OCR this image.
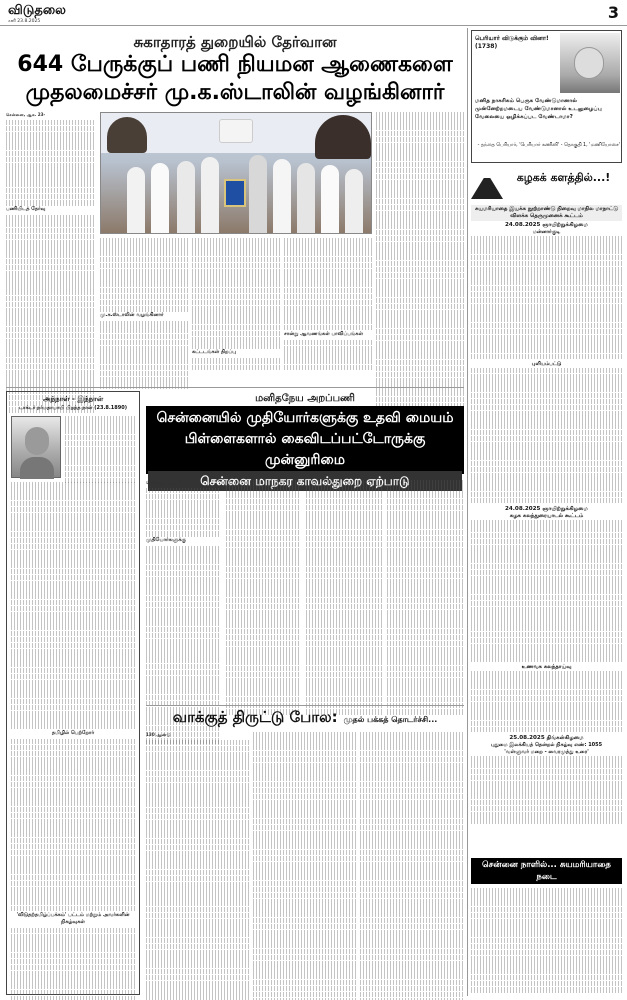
விடுதலை
சனி 23.8.2025	3
சுகாதாரத் துறையில் தேர்வான
644 பேருக்குப் பணி நியமன ஆணைகளை
முதலமைச்சர் மு.க.ஸ்டாலின் வழங்கினார்

சென்னை, ஆக. 23-

பணியிடத் தேர்வு

மு.க.ஸ்டாலின் வழங்கினார்

கட்டடங்கள் திறப்பு

சான்று ஆவணங்கள் பாவிப்பங்கள்

அந்நாள் - இந்நாள்
டாக்டர் நர்மதாபாயி பிறந்த நாள் (23.8.1890)

தமிழில் பெற்றோர்

'விடுதற்தமிழ்ப்பக்கம்' பட்டம் மற்றும் அவர்களின் நிகழ்வுகள்

மனிதநேய அறப்பணி
சென்னையில் முதியோர்களுக்கு உதவி மையம்
பிள்ளைகளால் கைவிடப்பட்டோருக்கு முன்னுரிமை
சென்னை மாநகர காவல்துறை ஏற்பாடு

சென்னை, ஆக. 23-

முதியோர்களுக்கு

வாக்குத் திருட்டு போல: முதல் பக்கத் தொடர்ச்சி...

130 ஆண்டு

பெரியார் விடுக்கும் வினா! (1738)
மனித நாகரிகம் பெருக வேண்டுமானால் முன்னேற்றமடைய வேண்டுமானால் உடலுழைப்பு வேலையை ஒழிக்கப்பட வேண்டாமா?
- தந்தை பெரியார், 'பெரியார் கணினி' - தொகுதி 1, 'மணியோசை'
கழகக் களத்தில்...!
சுயமரியாதை இயக்க நூற்றாண்டு நிறைவு மாநில மாநாட்டு விளக்க தெருமுனைக் கூட்டம்
24.08.2025 ஞாயிற்றுக்கிழமை
மன்னார்குடி
புளியம்பட்டு
24.08.2025 ஞாயிற்றுக்கிழமை
கழக கலந்துரையாடல் கூட்டம்
உணவக கலந்தாய்வு
25.08.2025 திங்கள்கிழமை
புதுமை இலக்கியத் தென்றல் நிகழ்வு எண்: 1055
'வள்ளுவர் மறை - வைரமுத்து உரை'
சென்னை நாளில்... சுயமரியாதை நடை
